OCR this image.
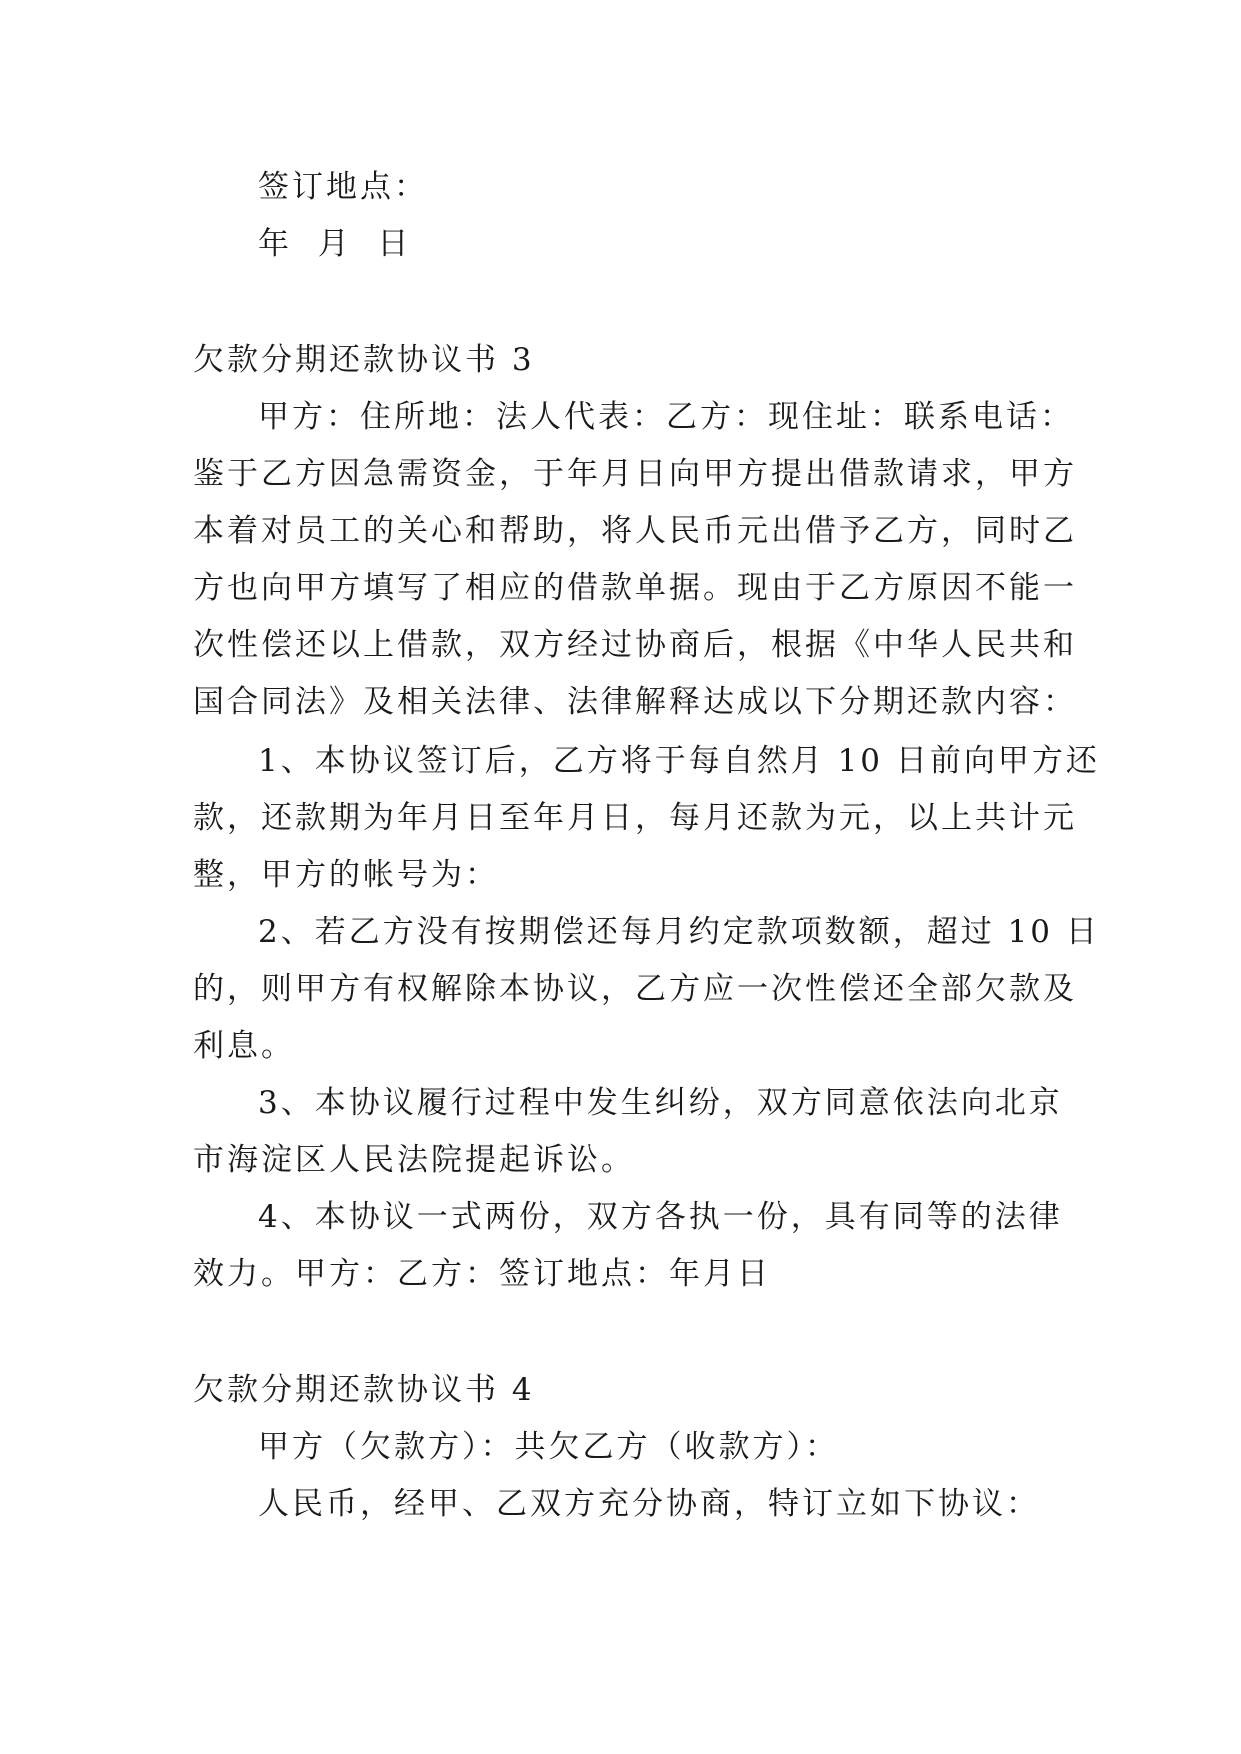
签订地点：
年  月  日
欠款分期还款协议书 3
甲方：住所地：法人代表：乙方：现住址：联系电话：
鉴于乙方因急需资金，于年月日向甲方提出借款请求，甲方
本着对员工的关心和帮助，将人民币元出借予乙方，同时乙
方也向甲方填写了相应的借款单据。现由于乙方原因不能一
次性偿还以上借款，双方经过协商后，根据《中华人民共和
国合同法》及相关法律、法律解释达成以下分期还款内容：
1、本协议签订后，乙方将于每自然月 10 日前向甲方还
款，还款期为年月日至年月日，每月还款为元，以上共计元
整，甲方的帐号为：
2、若乙方没有按期偿还每月约定款项数额，超过 10 日
的，则甲方有权解除本协议，乙方应一次性偿还全部欠款及
利息。
3、本协议履行过程中发生纠纷，双方同意依法向北京
市海淀区人民法院提起诉讼。
4、本协议一式两份，双方各执一份，具有同等的法律
效力。甲方：乙方：签订地点：年月日
欠款分期还款协议书 4
甲方（欠款方）：共欠乙方（收款方）：
人民币，经甲、乙双方充分协商，特订立如下协议：
